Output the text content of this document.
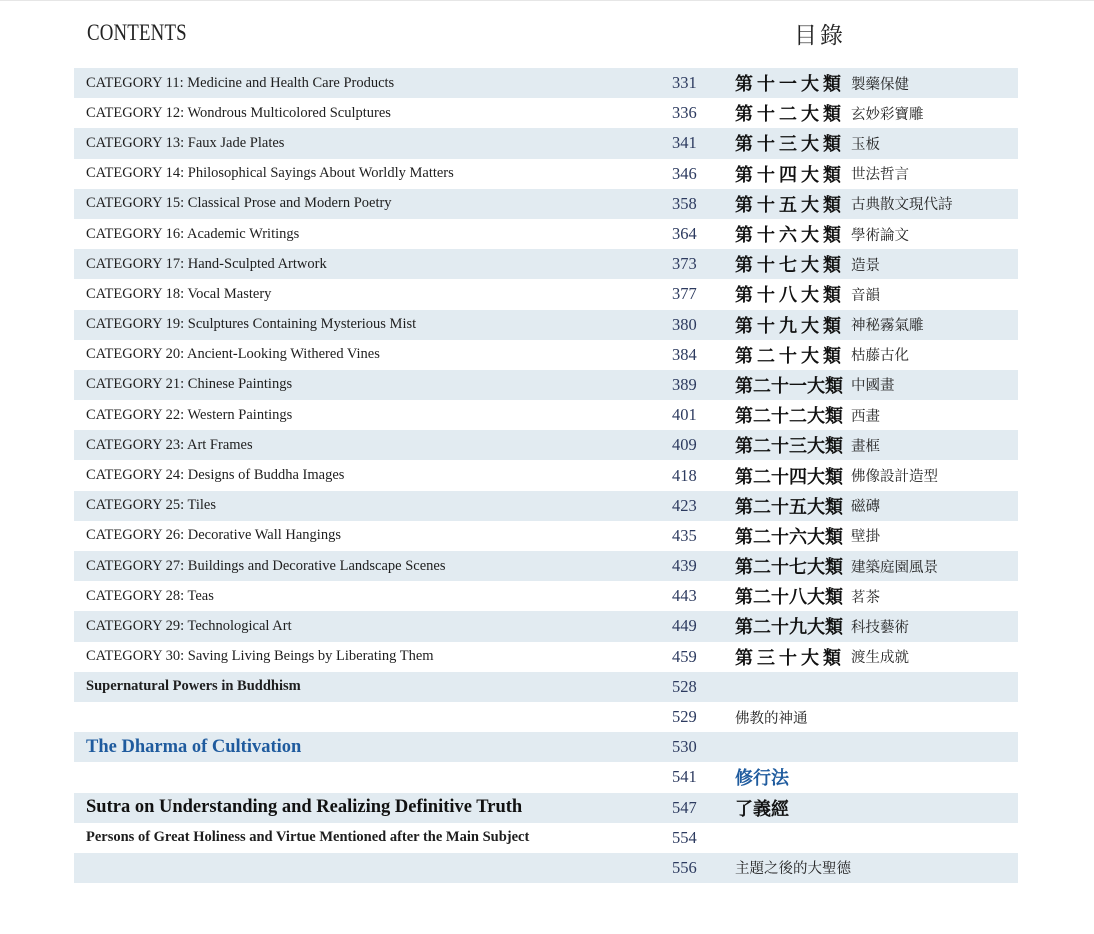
CONTENTS	目錄
CATEGORY 11: Medicine and Health Care Products	331 第十一大類 製藥保健
CATEGORY 12: Wondrous Multicolored Sculptures	336 第十二大類 玄妙彩寶雕
CATEGORY 13: Faux Jade Plates	341 第十三大類 玉板
CATEGORY 14: Philosophical Sayings About Worldly Matters	346 第十四大類 世法哲言
CATEGORY 15: Classical Prose and Modern Poetry	358 第十五大類 古典散文現代詩
CATEGORY 16: Academic Writings	364 第十六大類 學術論文
CATEGORY 17: Hand-Sculpted Artwork	373 第十七大類 造景
CATEGORY 18: Vocal Mastery	377 第十八大類 音韻
CATEGORY 19: Sculptures Containing Mysterious Mist	380 第十九大類 神秘霧氣雕
CATEGORY 20: Ancient-Looking Withered Vines	384 第二十大類 枯藤古化
CATEGORY 21: Chinese Paintings	389 第二十一大類 中國畫
CATEGORY 22: Western Paintings	401 第二十二大類 西畫
CATEGORY 23: Art Frames	409 第二十三大類 畫框
CATEGORY 24: Designs of Buddha Images	418 第二十四大類 佛像設計造型
CATEGORY 25: Tiles	423 第二十五大類 磁磚
CATEGORY 26: Decorative Wall Hangings	435 第二十六大類 壁掛
CATEGORY 27: Buildings and Decorative Landscape Scenes	439 第二十七大類 建築庭園風景
CATEGORY 28: Teas	443 第二十八大類 茗茶
CATEGORY 29: Technological Art	449 第二十九大類 科技藝術
CATEGORY 30: Saving Living Beings by Liberating Them	459 第三十大類 渡生成就
Supernatural Powers in Buddhism	528
529	佛教的神通
The Dharma of Cultivation	530
541 修行法
Sutra on Understanding and Realizing Definitive Truth	547 了義經
Persons of Great Holiness and Virtue Mentioned after the Main Subject	554
556	主題之後的大聖德
